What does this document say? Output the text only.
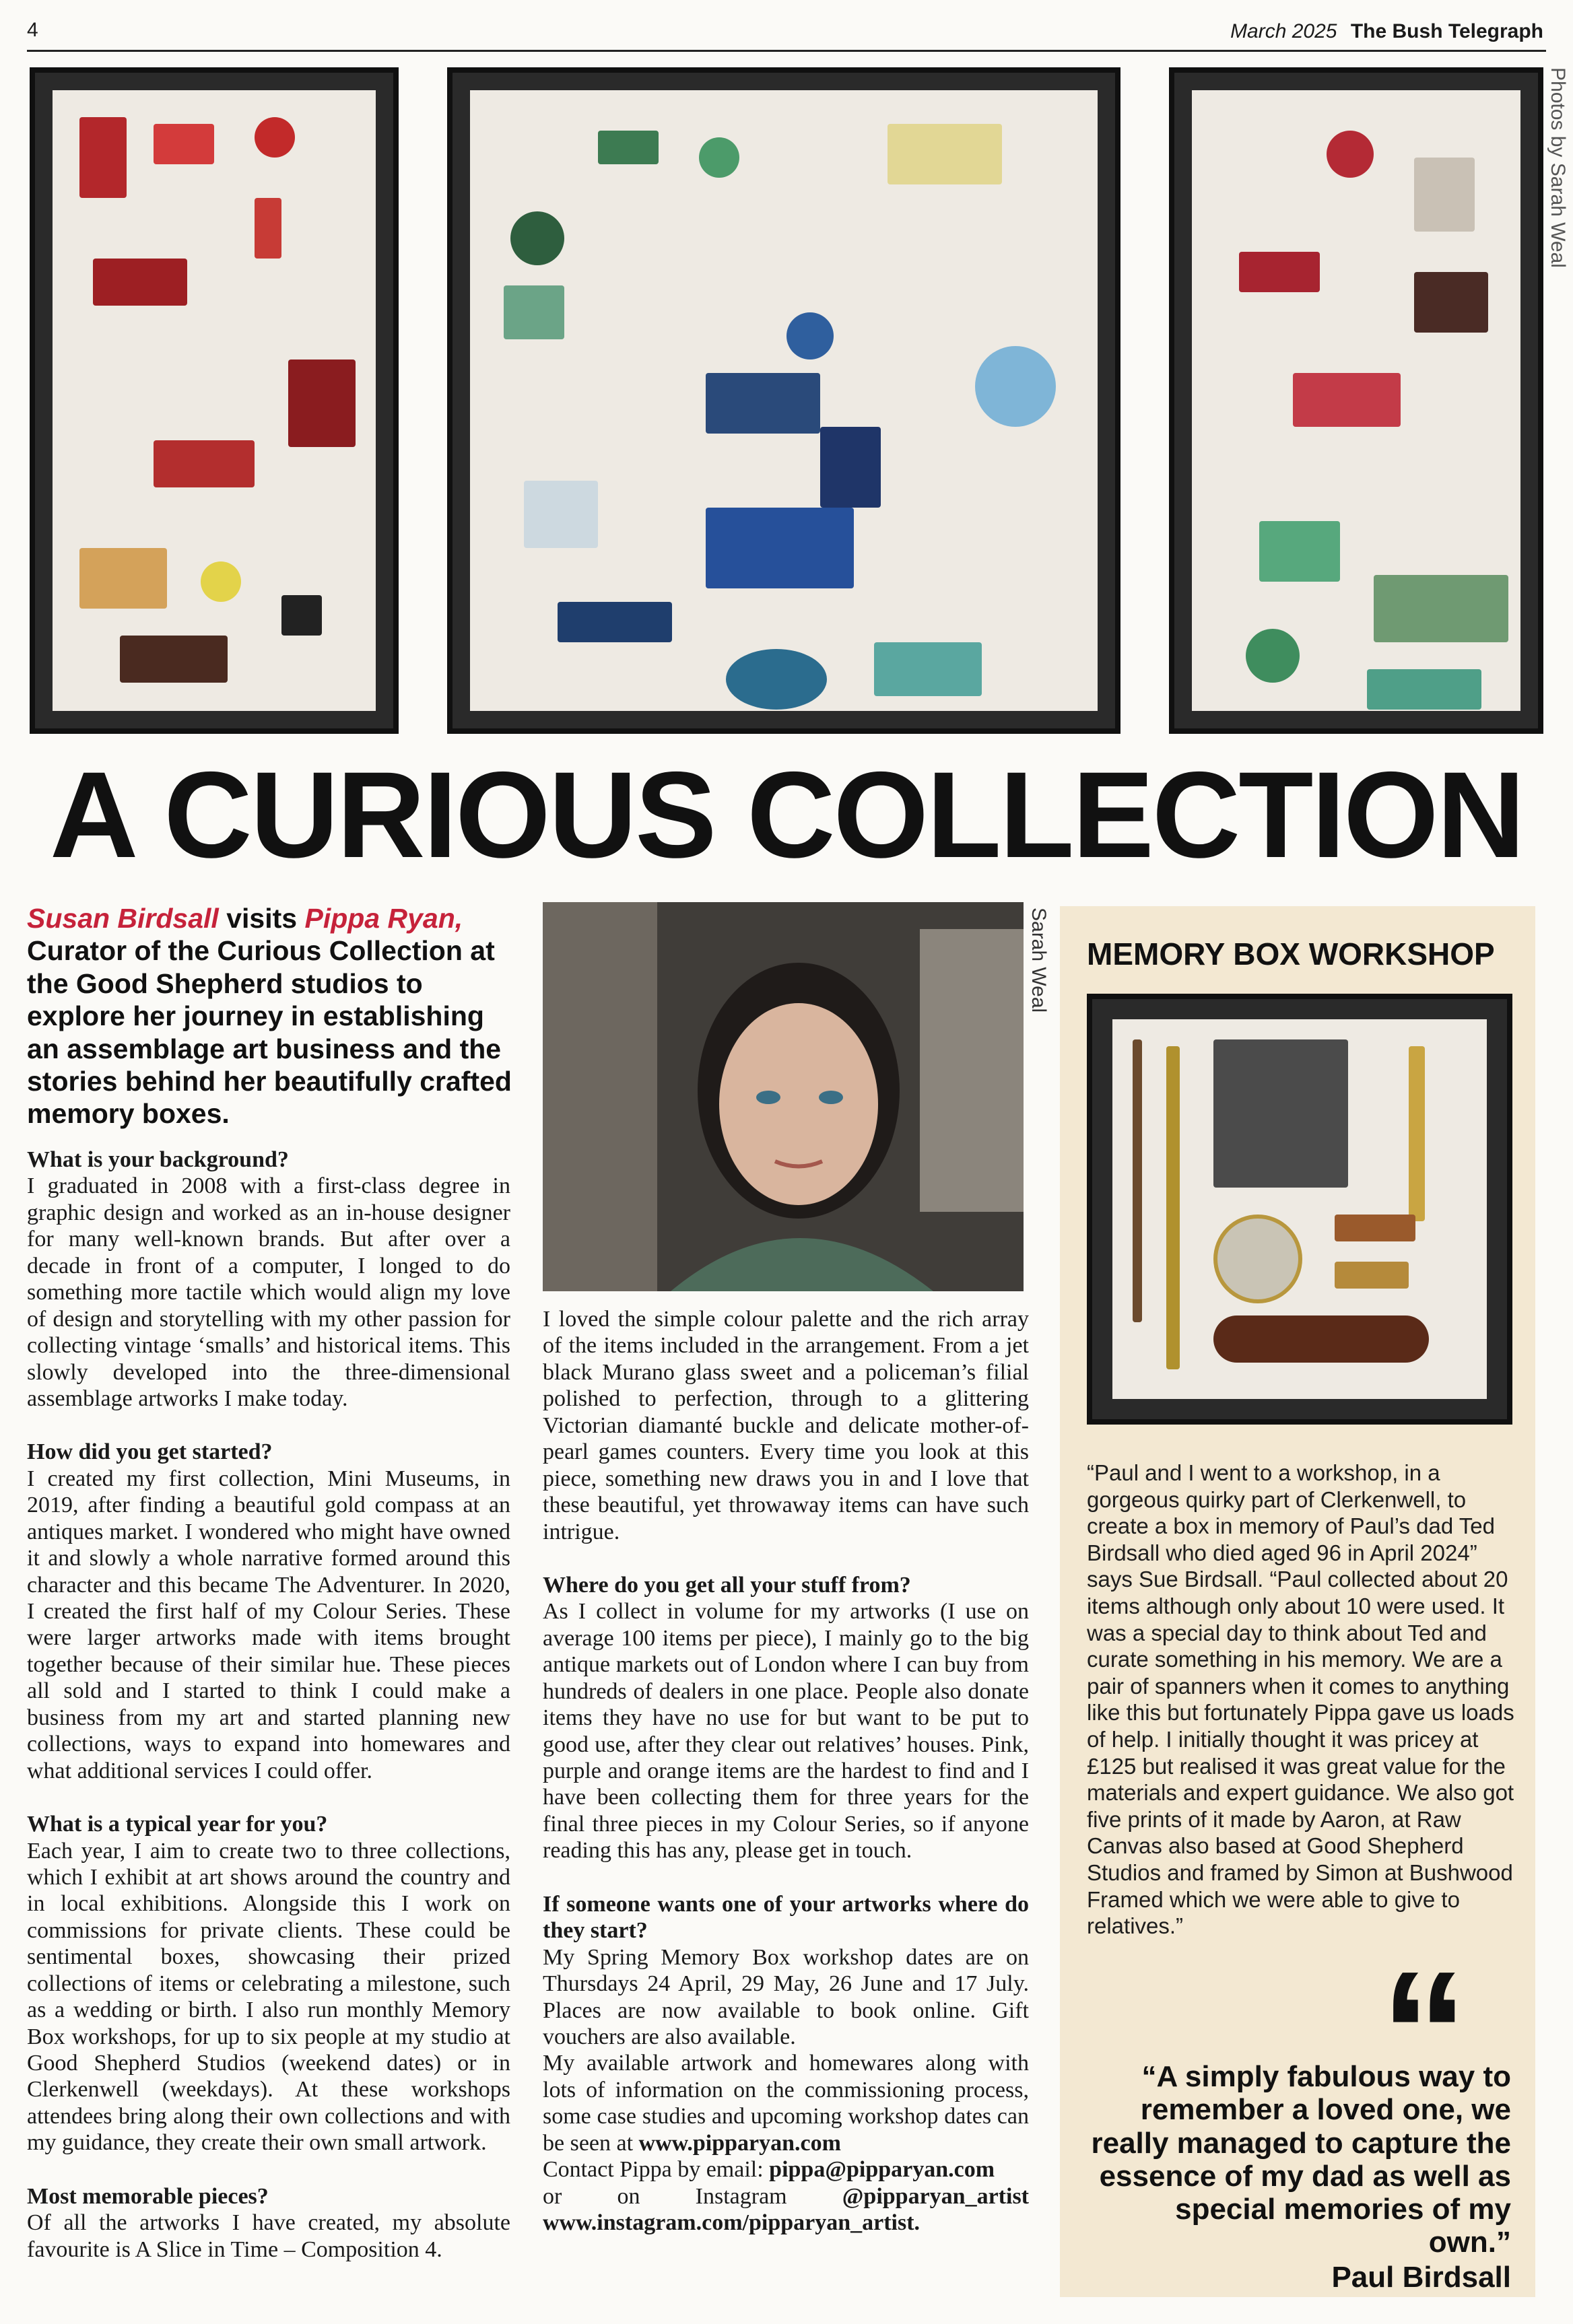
4	March 2025 The Bush Telegraph
Photos by Sarah Weal
A CURIOUS COLLECTION
Susan Birdsall visits Pippa Ryan, Curator of the Curious Collection at the Good Shepherd studios to explore her journey in establishing an assemblage art business and the stories behind her beautifully crafted memory boxes.
What is your background?

I graduated in 2008 with a first-class degree in graphic design and worked as an in-house designer for many well-known brands. But after over a decade in front of a computer, I longed to do something more tactile which would align my love of design and storytelling with my other passion for collecting vintage ‘smalls’ and historical items. This slowly developed into the three-dimensional assemblage artworks I make today.

How did you get started?

I created my first collection, Mini Museums, in 2019, after finding a beautiful gold compass at an antiques market. I wondered who might have owned it and slowly a whole narrative formed around this character and this became The Adventurer. In 2020, I created the first half of my Colour Series. These were larger artworks made with items brought together because of their similar hue. These pieces all sold and I started to think I could make a business from my art and started planning new collections, ways to expand into homewares and what additional services I could offer.

What is a typical year for you?

Each year, I aim to create two to three collections, which I exhibit at art shows around the country and in local exhibitions. Alongside this I work on commissions for private clients. These could be sentimental boxes, showcasing their prized collections of items or celebrating a milestone, such as a wedding or birth. I also run monthly Memory Box workshops, for up to six people at my studio at Good Shepherd Studios (weekend dates) or in Clerkenwell (weekdays). At these workshops attendees bring along their own collections and with my guidance, they create their own small artwork.

Most memorable pieces?

Of all the artworks I have created, my absolute favourite is A Slice in Time – Composition 4.

Sarah Weal

I loved the simple colour palette and the rich array of the items included in the arrangement. From a jet black Murano glass sweet and a policeman’s filial polished to perfection, through to a glittering Victorian diamanté buckle and delicate mother-of-pearl games counters. Every time you look at this piece, something new draws you in and I love that these beautiful, yet throwaway items can have such intrigue.

Where do you get all your stuff from?

As I collect in volume for my artworks (I use on average 100 items per piece), I mainly go to the big antique markets out of London where I can buy from hundreds of dealers in one place. People also donate items they have no use for but want to be put to good use, after they clear out relatives’ houses. Pink, purple and orange items are the hardest to find and I have been collecting them for three years for the final three pieces in my Colour Series, so if anyone reading this has any, please get in touch.

If someone wants one of your artworks where do they start?

My Spring Memory Box workshop dates are on Thursdays 24 April, 29 May, 26 June and 17 July. Places are now available to book online. Gift vouchers are also available.

My available artwork and homewares along with lots of information on the commissioning process, some case studies and upcoming workshop dates can be seen at www.pipparyan.com

Contact Pippa by email: pippa@pipparyan.com

or on Instagram @pipparyan_artist www.instagram.com/pipparyan_artist.

MEMORY BOX WORKSHOP
“Paul and I went to a workshop, in a gorgeous quirky part of Clerkenwell, to create a box in memory of Paul’s dad Ted Birdsall who died aged 96 in April 2024” says Sue Birdsall. “Paul collected about 20 items although only about 10 were used. It was a special day to think about Ted and curate something in his memory. We are a pair of spanners when it comes to anything like this but fortunately Pippa gave us loads of help. I initially thought it was pricey at £125 but realised it was great value for the materials and expert guidance. We also got five prints of it made by Aaron, at Raw Canvas also based at Good Shepherd Studios and framed by Simon at Bushwood Framed which we were able to give to relatives.”
“
“A simply fabulous way to remember a loved one, we really managed to capture the essence of my dad as well as special memories of my own.”
Paul Birdsall
